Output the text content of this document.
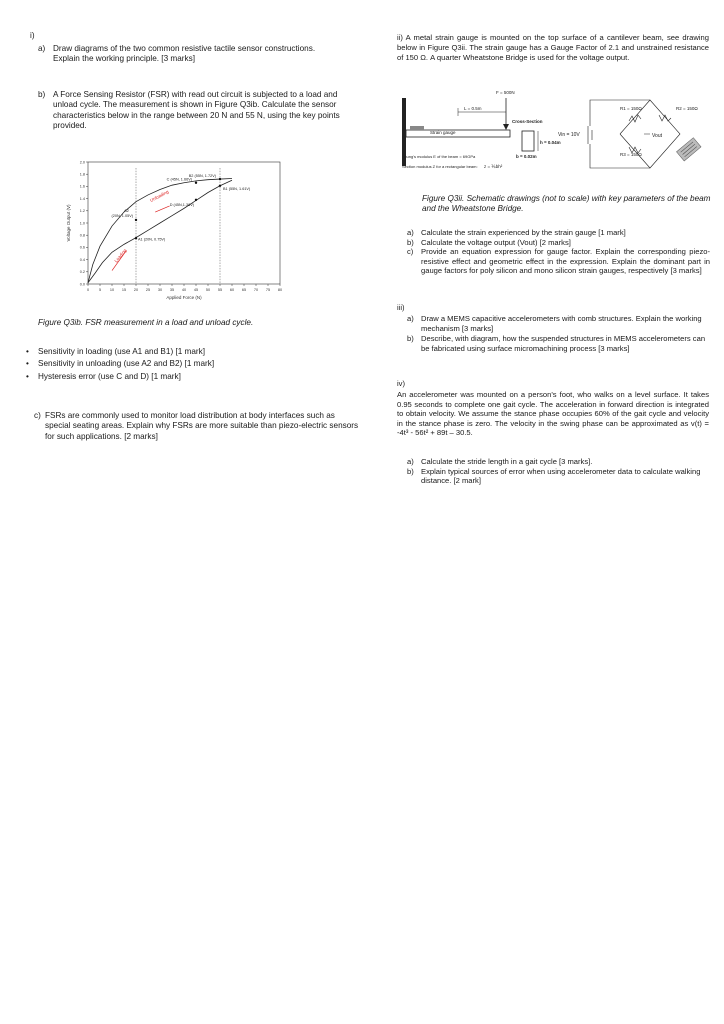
i)
a) Draw diagrams of the two common resistive tactile sensor constructions. Explain the working principle. [3 marks]
b) A Force Sensing Resistor (FSR) with read out circuit is subjected to a load and unload cycle. The measurement is shown in Figure Q3ib. Calculate the sensor characteristics below in the range between 20 N and 55 N, using the key points provided.
0	5 10 15 20 25 30 35 40 45 50 55 60 65 70 75 80
0.0
0.2
0.4
0.6
0.8
1.0
1.2
1.4
1.6
1.8
2.0
Applied Force (N)
Voltage Output (V)
B2 (55N, 1.72V)
C (45N, 1.66V)
B1 (55N, 1.61V)
D (45N,1.38V)
(20N, 1.05V)
A1 (20N, 0.75V)
A2
Unloading
Loading
Figure Q3ib. FSR measurement in a load and unload cycle.
•	Sensitivity in loading (use A1 and B1) [1 mark]
•	Sensitivity in unloading (use A2 and B2) [1 mark]
•	Hysteresis error (use C and D) [1 mark]
c) FSRs are commonly used to monitor load distribution at body interfaces such as special seating areas. Explain why FSRs are more suitable than piezo-electric sensors for such applications. [2 marks]
ii) A metal strain gauge is mounted on the top surface of a cantilever beam, see drawing below in Figure Q3ii. The strain gauge has a Gauge Factor of 2.1 and unstrained resistance of 150 Ω. A quarter Wheatstone Bridge is used for the voltage output.
L = 0.5m
F = 500N
Cross-Section
Strain gauge
h = 0.04m
b = 0.02m
Young's modulus E of the beam = 69GPa
Section modulus Z for a rectangular beam: z = ⅙bh²
Vin = 10V
R1 = 150Ω	R2 = 150Ω
R3 = 150Ω
Vout
Figure Q3ii. Schematic drawings (not to scale) with key parameters of the beam and the Wheatstone Bridge.
a) Calculate the strain experienced by the strain gauge [1 mark]
b) Calculate the voltage output (Vout) [2 marks]
c)	Provide an equation expression for gauge factor. Explain the corresponding piezo-resistive effect and geometric effect in the expression. Explain the dominant part in gauge factors for poly silicon and mono silicon strain gauges, respectively [3 marks]
iii)
a) Draw a MEMS capacitive accelerometers with comb structures. Explain the working mechanism [3 marks]
b) Describe, with diagram, how the suspended structures in MEMS accelerometers can be fabricated using surface micromachining process [3 marks]
iv)
An accelerometer was mounted on a person's foot, who walks on a level surface. It takes 0.95 seconds to complete one gait cycle. The acceleration in forward direction is integrated to obtain velocity. We assume the stance phase occupies 60% of the gait cycle and velocity in the stance phase is zero. The velocity in the swing phase can be approximated as v(t) = -4t³ - 56t² + 89t – 30.5.
a) Calculate the stride length in a gait cycle [3 marks].
b) Explain typical sources of error when using accelerometer data to calculate walking distance. [2 mark]
